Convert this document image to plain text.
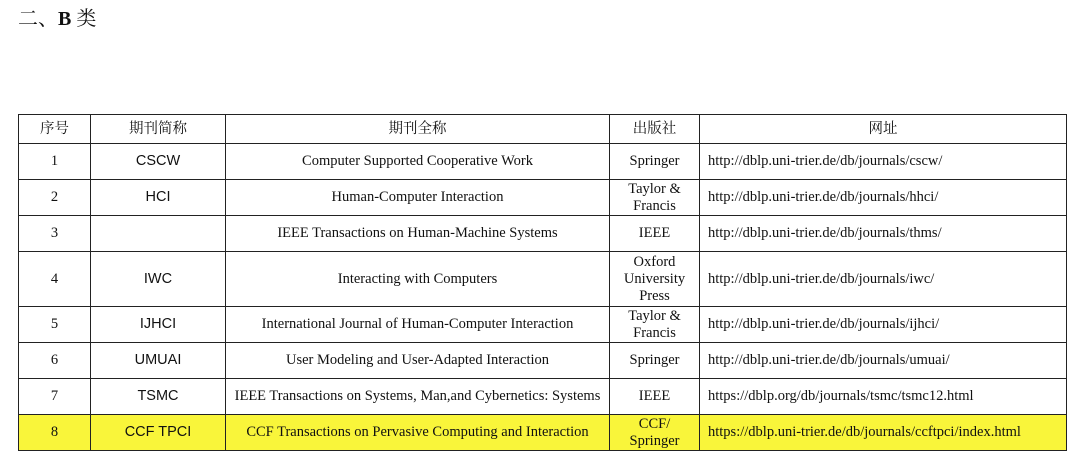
二、B 类
序号	期刊简称	期刊全称	出版社	网址
1	CSCW	Computer Supported Cooperative Work	Springer	http://dblp.uni-trier.de/db/journals/cscw/
2	HCI	Human-Computer Interaction	Taylor & Francis	http://dblp.uni-trier.de/db/journals/hhci/
3		IEEE Transactions on Human-Machine Systems	IEEE	http://dblp.uni-trier.de/db/journals/thms/
4	IWC	Interacting with Computers	Oxford University Press	http://dblp.uni-trier.de/db/journals/iwc/
5	IJHCI	International Journal of Human-Computer Interaction	Taylor & Francis	http://dblp.uni-trier.de/db/journals/ijhci/
6	UMUAI	User Modeling and User-Adapted Interaction	Springer	http://dblp.uni-trier.de/db/journals/umuai/
7	TSMC	IEEE Transactions on Systems, Man,and Cybernetics: Systems	IEEE	https://dblp.org/db/journals/tsmc/tsmc12.html
8	CCF TPCI	CCF Transactions on Pervasive Computing and Interaction	CCF/ Springer	https://dblp.uni-trier.de/db/journals/ccftpci/index.html
